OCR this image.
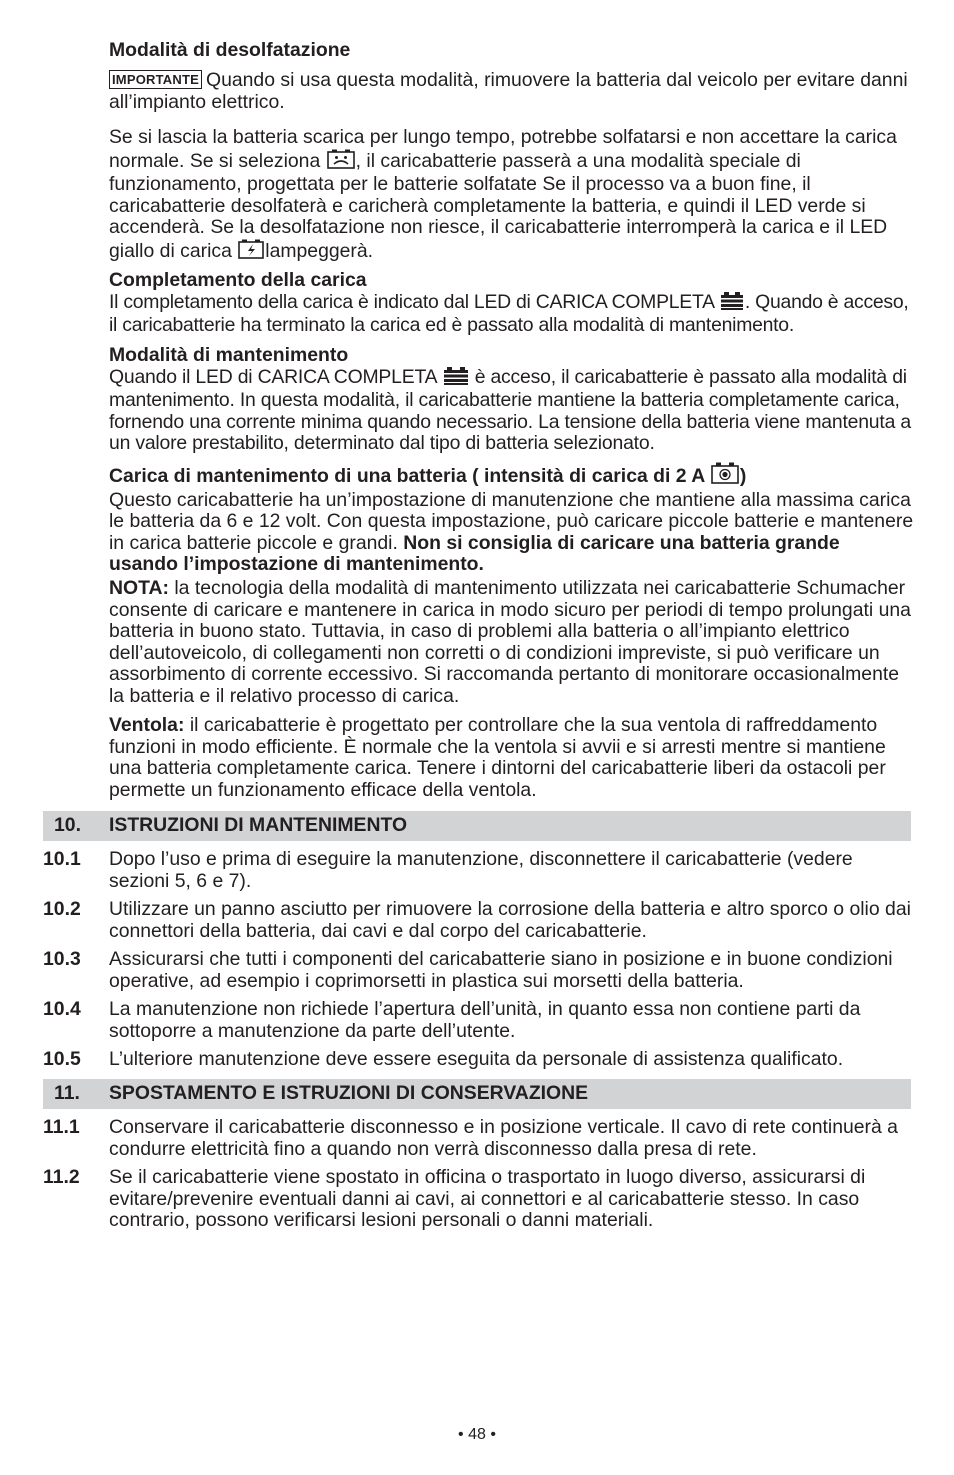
Modalità di desolfatazione

IMPORTANTE Quando si usa questa modalità, rimuovere la batteria dal veicolo per evitare danni all’impianto elettrico.

Se si lascia la batteria scarica per lungo tempo, potrebbe solfatarsi e non accettare la carica normale. Se si seleziona , il caricabatterie passerà a una modalità speciale di funzionamento, progettata per le batterie solfatate Se il processo va a buon fine, il caricabatterie desolfaterà e caricherà completamente la batteria, e quindi il LED verde si accenderà. Se la desolfatazione non riesce, il caricabatterie interromperà la carica e il LED giallo di carica lampeggerà.

Completamento della carica

Il completamento della carica è indicato dal LED di CARICA COMPLETA . Quando è acceso, il caricabatterie ha terminato la carica ed è passato alla modalità di mantenimento.

Modalità di mantenimento

Quando il LED di CARICA COMPLETA è acceso, il caricabatterie è passato alla modalità di mantenimento. In questa modalità, il caricabatterie mantiene la batteria completamente carica, fornendo una corrente minima quando necessario. La tensione della batteria viene mantenuta a un valore prestabilito, determinato dal tipo di batteria selezionato.

Carica di mantenimento di una batteria ( intensità di carica di 2 A )

Questo caricabatterie ha un’impostazione di manutenzione che mantiene alla massima carica le batteria da 6 e 12 volt. Con questa impostazione, può caricare piccole batterie e mantenere in carica batterie piccole e grandi. Non si consiglia di caricare una batteria grande usando l’impostazione di mantenimento.

NOTA: la tecnologia della modalità di mantenimento utilizzata nei caricabatterie Schumacher consente di caricare e mantenere in carica in modo sicuro per periodi di tempo prolungati una batteria in buono stato. Tuttavia, in caso di problemi alla batteria o all’impianto elettrico dell’autoveicolo, di collegamenti non corretti o di condizioni impreviste, si può verificare un assorbimento di corrente eccessivo. Si raccomanda pertanto di monitorare occasionalmente la batteria e il relativo processo di carica.

Ventola: il caricabatterie è progettato per controllare che la sua ventola di raffreddamento funzioni in modo efficiente. È normale che la ventola si avvii e si arresti mentre si mantiene una batteria completamente carica. Tenere i dintorni del caricabatterie liberi da ostacoli per permette un funzionamento efficace della ventola.

10. ISTRUZIONI DI MANTENIMENTO
10.1	Dopo l’uso e prima di eseguire la manutenzione, disconnettere il caricabatterie (vedere sezioni 5, 6 e 7).

10.2	Utilizzare un panno asciutto per rimuovere la corrosione della batteria e altro sporco o olio dai connettori della batteria, dai cavi e dal corpo del caricabatterie.

10.3	Assicurarsi che tutti i componenti del caricabatterie siano in posizione e in buone condizioni operative, ad esempio i coprimorsetti in plastica sui morsetti della batteria.

10.4	La manutenzione non richiede l’apertura dell’unità, in quanto essa non contiene parti da sottoporre a manutenzione da parte dell’utente.

10.5	L’ulteriore manutenzione deve essere eseguita da personale di assistenza qualificato.

11. SPOSTAMENTO E ISTRUZIONI DI CONSERVAZIONE
11.1	Conservare il caricabatterie disconnesso e in posizione verticale. Il cavo di rete continuerà a condurre elettricità fino a quando non verrà disconnesso dalla presa di rete.

11.2	Se il caricabatterie viene spostato in officina o trasportato in luogo diverso, assicurarsi di evitare/prevenire eventuali danni ai cavi, ai connettori e al caricabatterie stesso. In caso contrario, possono verificarsi lesioni personali o danni materiali.

• 48 •
